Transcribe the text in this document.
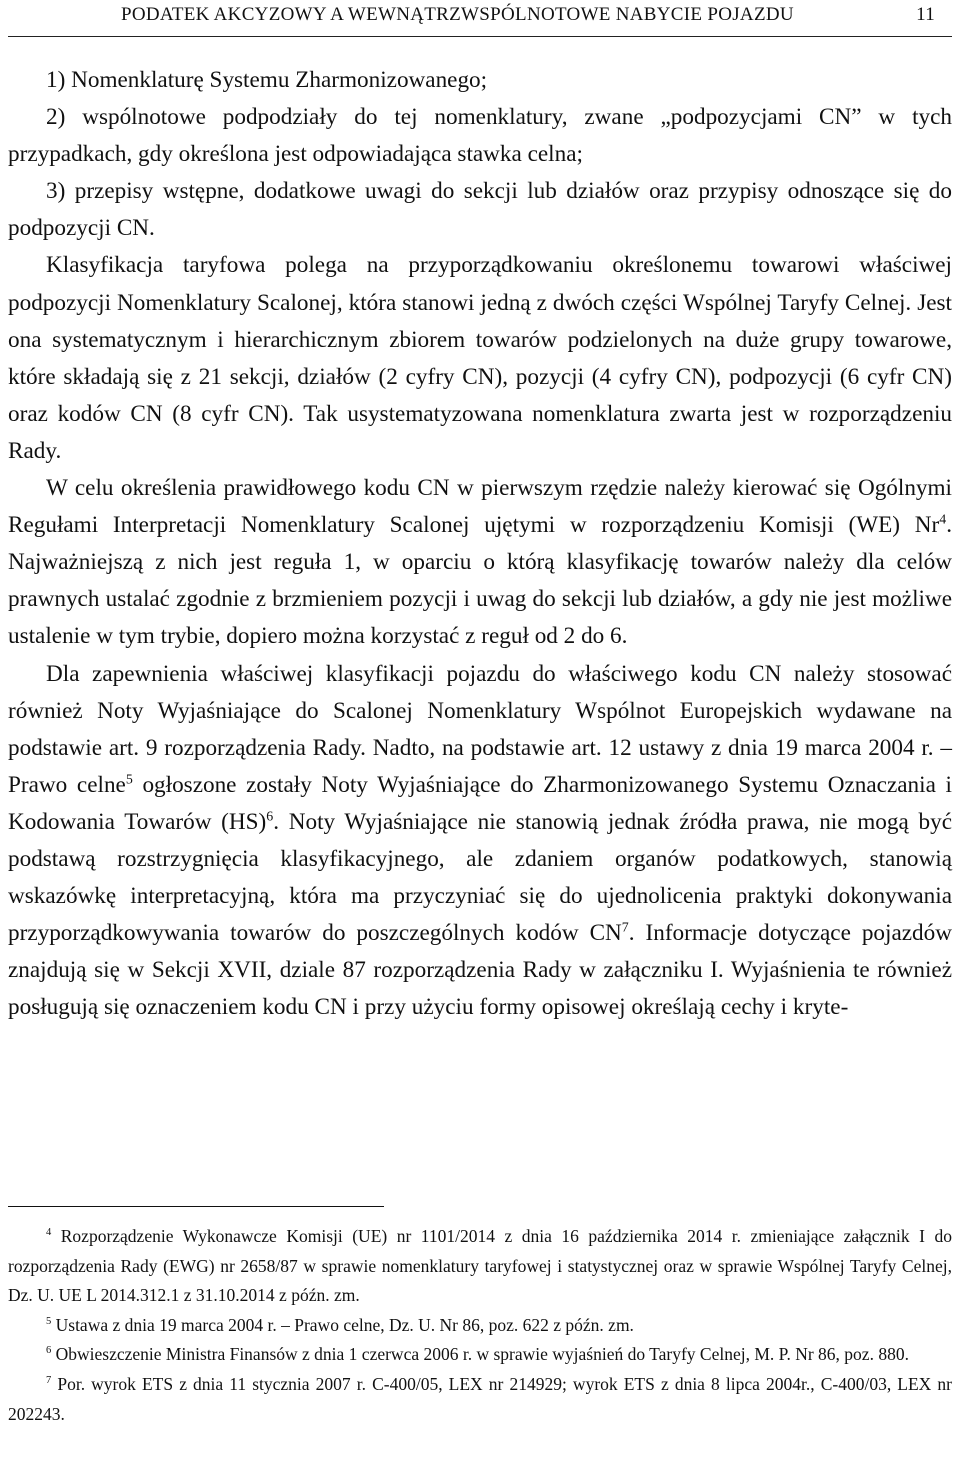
PODATEK AKCYZOWY A WEWNĄTRZWSPÓLNOTOWE NABYCIE POJAZDU	11

1) Nomenklaturę Systemu Zharmonizowanego;

2) wspólnotowe podpodziały do tej nomenklatury, zwane „podpozycjami CN” w tych przypadkach, gdy określona jest odpowiadająca stawka celna;

3) przepisy wstępne, dodatkowe uwagi do sekcji lub działów oraz przypisy odnoszące się do podpozycji CN.

Klasyfikacja taryfowa polega na przyporządkowaniu określonemu towarowi właściwej podpozycji Nomenklatury Scalonej, która stanowi jedną z dwóch części Wspólnej Taryfy Celnej. Jest ona systematycznym i hierarchicznym zbiorem towarów podzielonych na duże grupy towarowe, które składają się z 21 sekcji, działów (2 cyfry CN), pozycji (4 cyfry CN), podpozycji (6 cyfr CN) oraz kodów CN (8 cyfr CN). Tak usystematyzowana nomenklatura zwarta jest w rozporządzeniu Rady.

W celu określenia prawidłowego kodu CN w pierwszym rzędzie należy kierować się Ogólnymi Regułami Interpretacji Nomenklatury Scalonej ujętymi w rozporządzeniu Komisji (WE) Nr$^4$. Najważniejszą z nich jest reguła 1, w oparciu o którą klasyfikację towarów należy dla celów prawnych ustalać zgodnie z brzmieniem pozycji i uwag do sekcji lub działów, a gdy nie jest możliwe ustalenie w tym trybie, dopiero można korzystać z reguł od 2 do 6.

Dla zapewnienia właściwej klasyfikacji pojazdu do właściwego kodu CN należy stosować również Noty Wyjaśniające do Scalonej Nomenklatury Wspólnot Europejskich wydawane na podstawie art. 9 rozporządzenia Rady. Nadto, na podstawie art. 12 ustawy z dnia 19 marca 2004 r. – Prawo celne$^5$ ogłoszone zostały Noty Wyjaśniające do Zharmonizowanego Systemu Oznaczania i Kodowania Towarów (HS)$^6$. Noty Wyjaśniające nie stanowią jednak źródła prawa, nie mogą być podstawą rozstrzygnięcia klasyfikacyjnego, ale zdaniem organów podatkowych, stanowią wskazówkę interpretacyjną, która ma przyczyniać się do ujednolicenia praktyki dokonywania przyporządkowywania towarów do poszczególnych kodów $CN^7$. Informacje dotyczące pojazdów znajdują się w Sekcji XVII, dziale 87 rozporządzenia Rady w załączniku I. Wyjaśnienia te również posługują się oznaczeniem kodu CN i przy użyciu formy opisowej określają cechy i kryte-

$^4$ Rozporządzenie Wykonawcze Komisji (UE) nr 1101/2014 z dnia 16 października 2014 r. zmieniające załącznik I do rozporządzenia Rady (EWG) nr 2658/87 w sprawie nomenklatury taryfowej i statystycznej oraz w sprawie Wspólnej Taryfy Celnej, Dz. U. UE L 2014.312.1 z 31.10.2014 z późn. zm.

$^5$ Ustawa z dnia 19 marca 2004 r. – Prawo celne, Dz. U. Nr 86, poz. 622 z późn. zm.

$^6$ Obwieszczenie Ministra Finansów z dnia 1 czerwca 2006 r. w sprawie wyjaśnień do Taryfy Celnej, M. P. Nr 86, poz. 880.

$^7$ Por. wyrok ETS z dnia 11 stycznia 2007 r. C-400/05, LEX nr 214929; wyrok ETS z dnia 8 lipca 2004r., C-400/03, LEX nr 202243.
